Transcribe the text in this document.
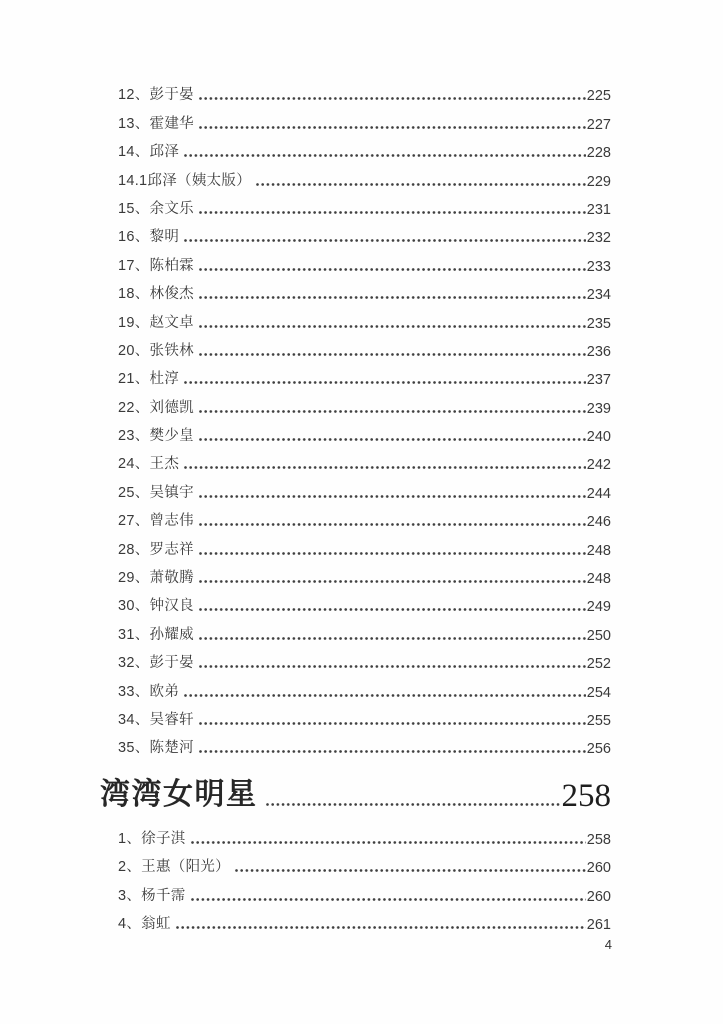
12、彭于晏	225
13、霍建华	227
14、邱泽	228
14.1邱泽（姨太版）	229
15、余文乐	231
16、黎明	232
17、陈柏霖	233
18、林俊杰	234
19、赵文卓	235
20、张铁林	236
21、杜淳	237
22、刘德凯	239
23、樊少皇	240
24、王杰	242
25、吴镇宇	244
27、曾志伟	246
28、罗志祥	248
29、萧敬腾	248
30、钟汉良	249
31、孙耀威	250
32、彭于晏	252
33、欧弟	254
34、吴睿轩	255
35、陈楚河	256
湾湾女明星	258
1、徐子淇	258
2、王惠（阳光）	260
3、杨千霈	260
4、翁虹	261
4
